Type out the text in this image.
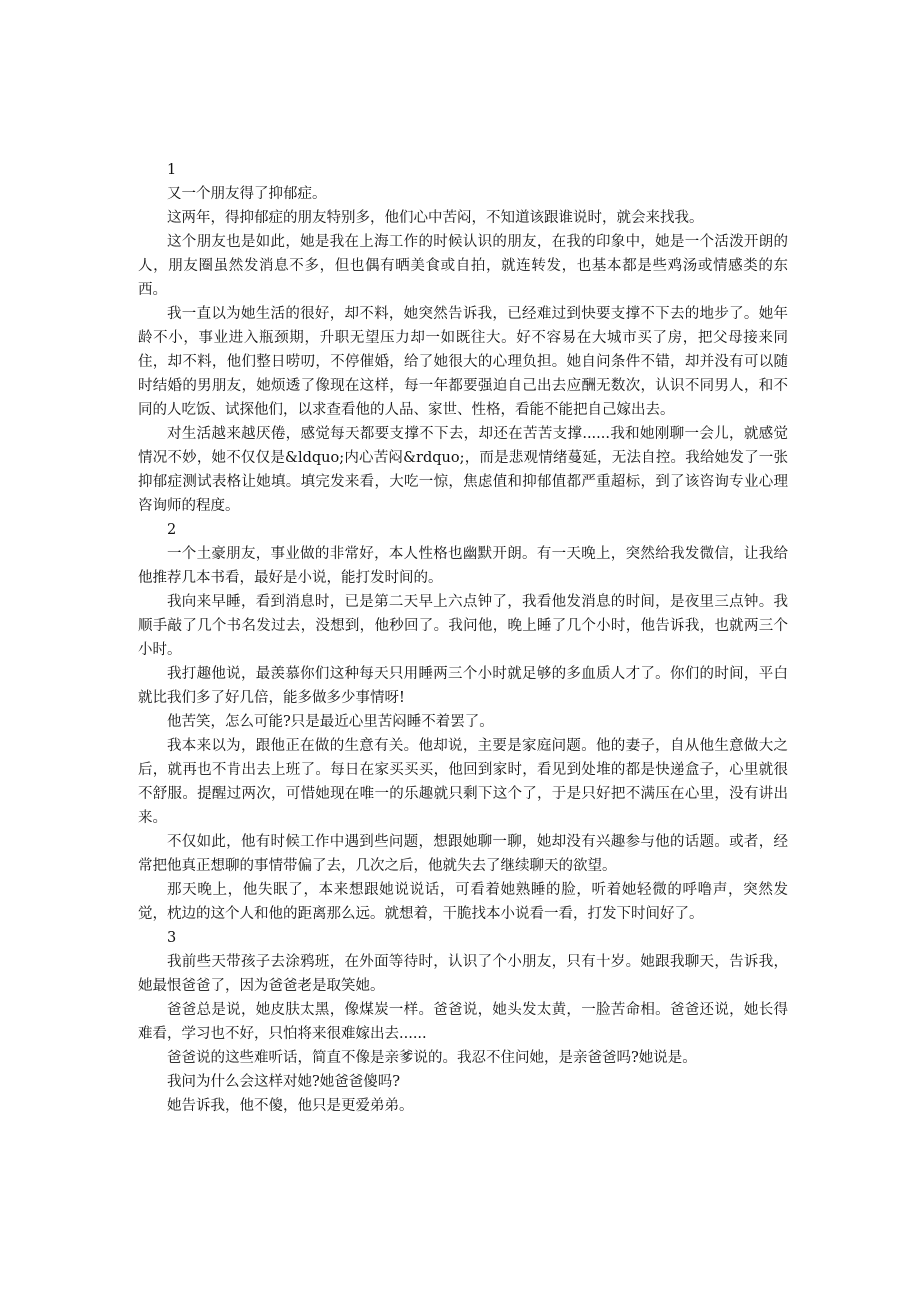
1

又一个朋友得了抑郁症。

这两年，得抑郁症的朋友特别多，他们心中苦闷，不知道该跟谁说时，就会来找我。

这个朋友也是如此，她是我在上海工作的时候认识的朋友，在我的印象中，她是一个活泼开朗的人，朋友圈虽然发消息不多，但也偶有晒美食或自拍，就连转发，也基本都是些鸡汤或情感类的东西。

我一直以为她生活的很好，却不料，她突然告诉我，已经难过到快要支撑不下去的地步了。她年龄不小，事业进入瓶颈期，升职无望压力却一如既往大。好不容易在大城市买了房，把父母接来同住，却不料，他们整日唠叨，不停催婚，给了她很大的心理负担。她自问条件不错，却并没有可以随时结婚的男朋友，她烦透了像现在这样，每一年都要强迫自己出去应酬无数次，认识不同男人，和不同的人吃饭、试探他们，以求查看他的人品、家世、性格，看能不能把自己嫁出去。

对生活越来越厌倦，感觉每天都要支撑不下去，却还在苦苦支撑......我和她刚聊一会儿，就感觉情况不妙，她不仅仅是&ldquo;内心苦闷&rdquo;，而是悲观情绪蔓延，无法自控。我给她发了一张抑郁症测试表格让她填。填完发来看，大吃一惊，焦虑值和抑郁值都严重超标，到了该咨询专业心理咨询师的程度。

2

一个土豪朋友，事业做的非常好，本人性格也幽默开朗。有一天晚上，突然给我发微信，让我给他推荐几本书看，最好是小说，能打发时间的。

我向来早睡，看到消息时，已是第二天早上六点钟了，我看他发消息的时间，是夜里三点钟。我顺手敲了几个书名发过去，没想到，他秒回了。我问他，晚上睡了几个小时，他告诉我，也就两三个小时。

我打趣他说，最羡慕你们这种每天只用睡两三个小时就足够的多血质人才了。你们的时间，平白就比我们多了好几倍，能多做多少事情呀!

他苦笑，怎么可能?只是最近心里苦闷睡不着罢了。

我本来以为，跟他正在做的生意有关。他却说，主要是家庭问题。他的妻子，自从他生意做大之后，就再也不肯出去上班了。每日在家买买买，他回到家时，看见到处堆的都是快递盒子，心里就很不舒服。提醒过两次，可惜她现在唯一的乐趣就只剩下这个了，于是只好把不满压在心里，没有讲出来。

不仅如此，他有时候工作中遇到些问题，想跟她聊一聊，她却没有兴趣参与他的话题。或者，经常把他真正想聊的事情带偏了去，几次之后，他就失去了继续聊天的欲望。

那天晚上，他失眠了，本来想跟她说说话，可看着她熟睡的脸，听着她轻微的呼噜声，突然发觉，枕边的这个人和他的距离那么远。就想着，干脆找本小说看一看，打发下时间好了。

3

我前些天带孩子去涂鸦班，在外面等待时，认识了个小朋友，只有十岁。她跟我聊天，告诉我，她最恨爸爸了，因为爸爸老是取笑她。

爸爸总是说，她皮肤太黑，像煤炭一样。爸爸说，她头发太黄，一脸苦命相。爸爸还说，她长得难看，学习也不好，只怕将来很难嫁出去......

爸爸说的这些难听话，简直不像是亲爹说的。我忍不住问她，是亲爸爸吗?她说是。

我问为什么会这样对她?她爸爸傻吗?

她告诉我，他不傻，他只是更爱弟弟。
